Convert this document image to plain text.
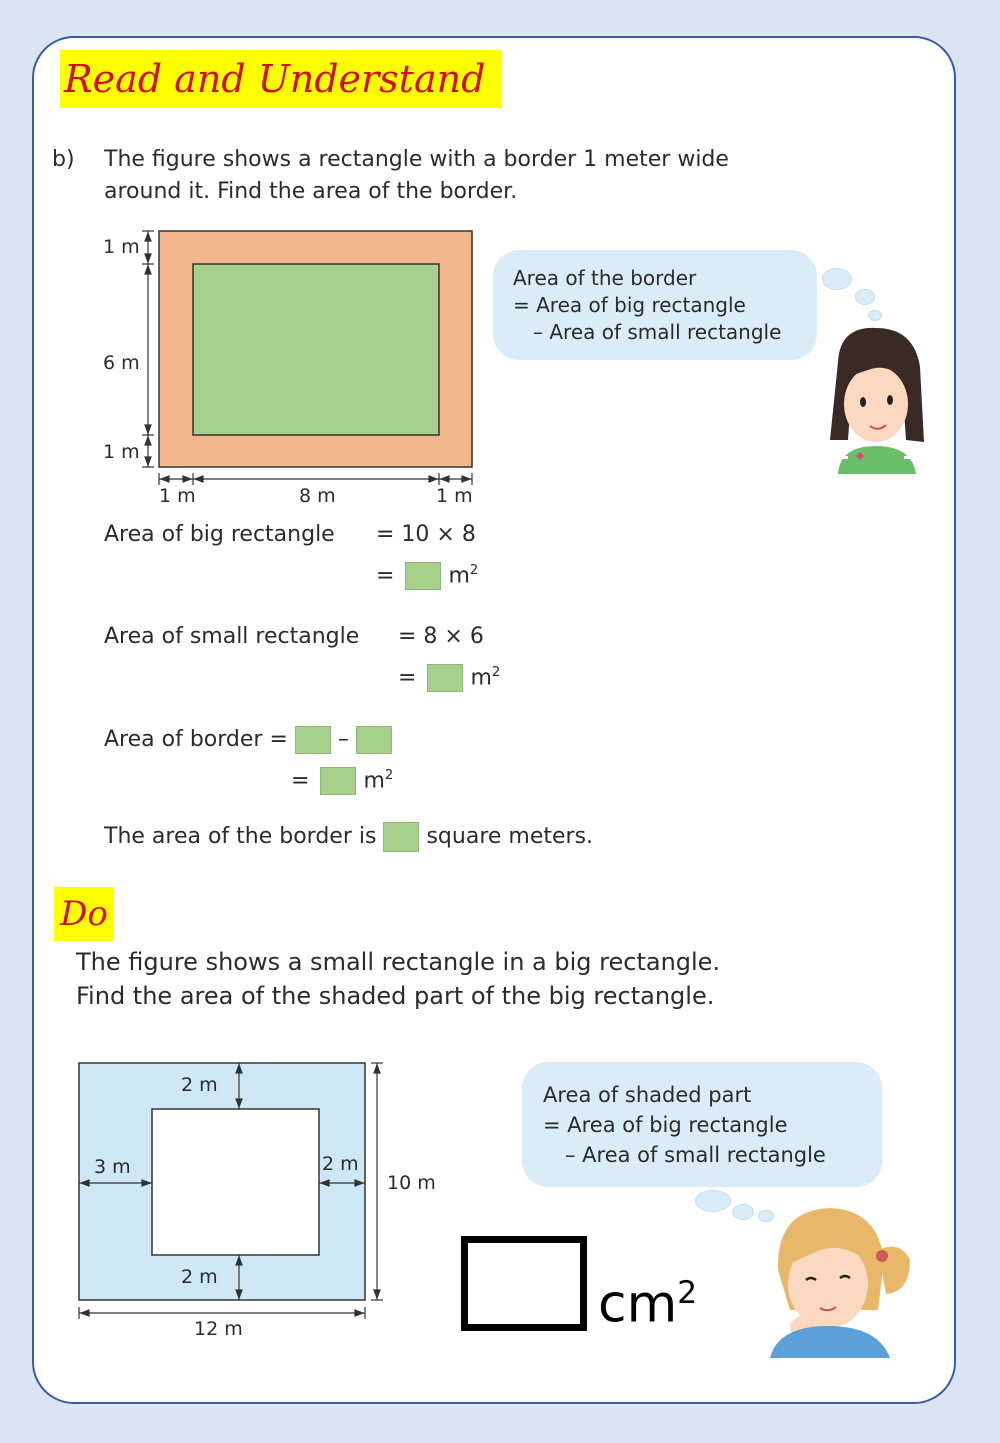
Read and Understand
b) The figure shows a rectangle with a border 1 meter wide
around it. Find the area of the border.
1 m
6 m
1 m
1 m	8 m	1 m
Area of the border
= Area of big rectangle
– Area of small rectangle
Area of big rectangle = 10 × 8
= $m^2$
Area of small rectangle = 8 × 6
= $m^2$
Area of border = –
= $m^2$
The area of the border is square meters.
Do
The figure shows a small rectangle in a big rectangle.
Find the area of the shaded part of the big rectangle.
2 m
3 m	2 m
2 m
10 m
12 m
Area of shaded part
= Area of big rectangle
– Area of small rectangle
$cm^2$
